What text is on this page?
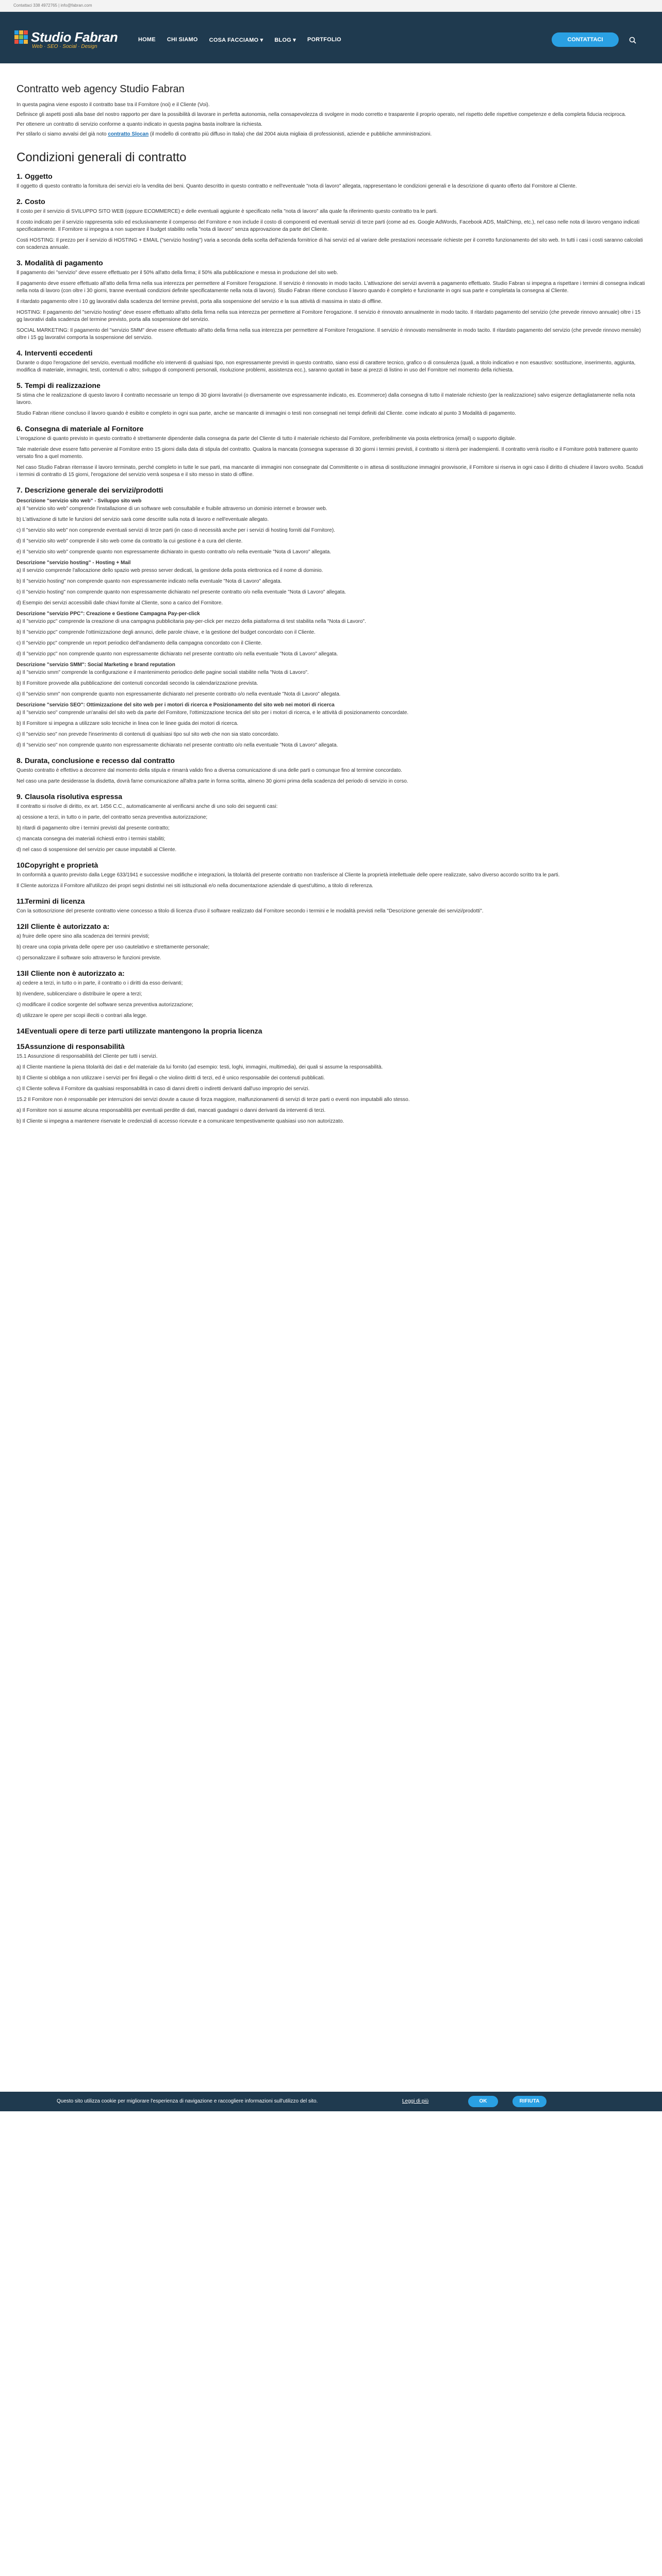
Contattaci 338 4972765 | info@fabran.com
Studio Fabran
Web · SEO · Social · Design
HOME CHI SIAMO COSA FACCIAMO ▾ BLOG ▾ PORTFOLIO	CONTATTACI
Contratto web agency Studio Fabran

In questa pagina viene esposto il contratto base tra il Fornitore (noi) e il Cliente (Voi).

Definisce gli aspetti posti alla base del nostro rapporto per dare la possibilità di lavorare in perfetta autonomia, nella consapevolezza di svolgere in modo corretto e trasparente il proprio operato, nel rispetto delle rispettive competenze e della completa fiducia reciproca.

Per ottenere un contratto di servizio conforme a quanto indicato in questa pagina basta inoltrare la richiesta.

Per stilarlo ci siamo avvalsi del già noto contratto Slocan (il modello di contratto più diffuso in Italia) che dal 2004 aiuta migliaia di professionisti, aziende e pubbliche amministrazioni.

Condizioni generali di contratto
1. Oggetto

Il oggetto di questo contratto la fornitura dei servizi e/o la vendita dei beni. Quanto descritto in questo contratto e nell'eventuale "nota di lavoro" allegata, rappresentano le condizioni generali e la descrizione di quanto offerto dal Fornitore al Cliente.

2. Costo

Il costo per il servizio di SVILUPPO SITO WEB (oppure ECOMMERCE) e delle eventuali aggiunte è specificato nella "nota di lavoro" alla quale fa riferimento questo contratto tra le parti.

Il costo indicato per il servizio rappresenta solo ed esclusivamente il compenso del Fornitore e non include il costo di componenti ed eventuali servizi di terze parti (come ad es. Google AdWords, Facebook ADS, MailChimp, etc.), nel caso nelle nota di lavoro vengano indicati specificatamente. Il Fornitore si impegna a non superare il budget stabilito nella "nota di lavoro" senza approvazione da parte del Cliente.

Costi HOSTING: Il prezzo per il servizio di HOSTING + EMAIL ("servizio hosting") varia a seconda della scelta dell'azienda fornitrice di hai servizi ed al variare delle prestazioni necessarie richieste per il corretto funzionamento del sito web. In tutti i casi i costi saranno calcolati con scadenza annuale.

3. Modalità di pagamento

Il pagamento dei "servizio" deve essere effettuato per il 50% all'atto della firma; il 50% alla pubblicazione e messa in produzione del sito web.

Il pagamento deve essere effettuato all'atto della firma nella sua interezza per permettere al Fornitore l'erogazione. Il servizio è rinnovato in modo tacito. L'attivazione dei servizi avverrà a pagamento effettuato. Studio Fabran si impegna a rispettare i termini di consegna indicati nella nota di lavoro (con oltre i 30 giorni, tranne eventuali condizioni definite specificatamente nella nota di lavoro). Studio Fabran ritiene concluso il lavoro quando è completo e funzionante in ogni sua parte e completata la consegna al Cliente.

Il ritardato pagamento oltre i 10 gg lavorativi dalla scadenza del termine previsti, porta alla sospensione del servizio e la sua attività di massima in stato di offline.

HOSTING: Il pagamento del "servizio hosting" deve essere effettuato all'atto della firma nella sua interezza per permettere al Fornitore l'erogazione. Il servizio è rinnovato annualmente in modo tacito. Il ritardato pagamento del servizio (che prevede rinnovo annuale) oltre i 15 gg lavorativi dalla scadenza del termine previsto, porta alla sospensione del servizio.

SOCIAL MARKETING: Il pagamento del "servizio SMM" deve essere effettuato all'atto della firma nella sua interezza per permettere al Fornitore l'erogazione. Il servizio è rinnovato mensilmente in modo tacito. Il ritardato pagamento del servizio (che prevede rinnovo mensile) oltre i 15 gg lavorativi comporta la sospensione del servizio.

4. Interventi eccedenti

Durante o dopo l'erogazione del servizio, eventuali modifiche e/o interventi di qualsiasi tipo, non espressamente previsti in questo contratto, siano essi di carattere tecnico, grafico o di consulenza (quali, a titolo indicativo e non esaustivo: sostituzione, inserimento, aggiunta, modifica di materiale, immagini, testi, contenuti o altro; sviluppo di componenti personali, risoluzione problemi, assistenza ecc.), saranno quotati in base ai prezzi di listino in uso del Fornitore nel momento della richiesta.

5. Tempi di realizzazione

Si stima che le realizzazione di questo lavoro il contratto necessarie un tempo di 30 giorni lavorativi (o diversamente ove espressamente indicato, es. Ecommerce) dalla consegna di tutto il materiale richiesto (per la realizzazione) salvo esigenze dettagliatamente nella nota lavoro.

Studio Fabran ritiene concluso il lavoro quando è esibito e completo in ogni sua parte, anche se mancante di immagini o testi non consegnati nei tempi definiti dal Cliente. come indicato al punto 3 Modalità di pagamento.

6. Consegna di materiale al Fornitore

L'erogazione di quanto previsto in questo contratto è strettamente dipendente dalla consegna da parte del Cliente di tutto il materiale richiesto dal Fornitore, preferibilmente via posta elettronica (email) o supporto digitale.

Tale materiale deve essere fatto pervenire al Fornitore entro 15 giorni dalla data di stipula del contratto. Qualora la mancata (consegna superasse di 30 giorni i termini previsti, il contratto si riterrà per inadempienti. Il contratto verrà risolto e il Fornitore potrà trattenere quanto versato fino a quel momento.

Nel caso Studio Fabran riterrasse il lavoro terminato, perché completo in tutte le sue parti, ma mancante di immagini non consegnate dal Committente o in attesa di sostituzione immagini provvisorie, il Fornitore si riserva in ogni caso il diritto di chiudere il lavoro svolto. Scaduti i termini di contratto di 15 giorni, l'erogazione del servizio verrà sospesa e il sito messo in stato di offline.

7. Descrizione generale dei servizi/prodotti
Descrizione "servizio sito web" - Sviluppo sito web

a) Il "servizio sito web" comprende l'installazione di un software web consultabile e fruibile attraverso un dominio internet e browser web.

b) L'attivazione di tutte le funzioni del servizio sarà come descritte sulla nota di lavoro e nell'eventuale allegato.

c) Il "servizio sito web" non comprende eventuali servizi di terze parti (in caso di necessità anche per i servizi di hosting forniti dal Fornitore).

d) Il "servizio sito web" comprende il sito web come da contratto la cui gestione è a cura del cliente.

e) Il "servizio sito web" comprende quanto non espressamente dichiarato in questo contratto o/o nella eventuale "Nota di Lavoro" allegata.

Descrizione "servizio hosting" - Hosting + Mail

a) Il servizio comprende l'allocazione dello spazio web presso server dedicati, la gestione della posta elettronica ed il nome di dominio.

b) Il "servizio hosting" non comprende quanto non espressamente indicato nella eventuale "Nota di Lavoro" allegata.

c) Il "servizio hosting" non comprende quanto non espressamente dichiarato nel presente contratto o/o nella eventuale "Nota di Lavoro" allegata.

d) Esempio dei servizi accessibili dalle chiavi fornite al Cliente, sono a carico del Fornitore.

Descrizione "servizio PPC": Creazione e Gestione Campagna Pay-per-click

a) Il "servizio ppc" comprende la creazione di una campagna pubblicitaria pay-per-click per mezzo della piattaforma di test stabilita nella "Nota di Lavoro".

b) Il "servizio ppc" comprende l'ottimizzazione degli annunci, delle parole chiave, e la gestione del budget concordato con il Cliente.

c) Il "servizio ppc" comprende un report periodico dell'andamento della campagna concordato con il Cliente.

d) Il "servizio ppc" non comprende quanto non espressamente dichiarato nel presente contratto o/o nella eventuale "Nota di Lavoro" allegata.

Descrizione "servizio SMM": Social Marketing e brand reputation

a) Il "servizio smm" comprende la configurazione e il mantenimento periodico delle pagine sociali stabilite nella "Nota di Lavoro".

b) Il Fornitore provvede alla pubblicazione dei contenuti concordati secondo la calendarizzazione prevista.

c) Il "servizio smm" non comprende quanto non espressamente dichiarato nel presente contratto o/o nella eventuale "Nota di Lavoro" allegata.

Descrizione "servizio SEO": Ottimizzazione del sito web per i motori di ricerca e Posizionamento del sito web nei motori di ricerca

a) Il "servizio seo" comprende un'analisi del sito web da parte del Fornitore, l'ottimizzazione tecnica del sito per i motori di ricerca, e le attività di posizionamento concordate.

b) Il Fornitore si impegna a utilizzare solo tecniche in linea con le linee guida dei motori di ricerca.

c) Il "servizio seo" non prevede l'inserimento di contenuti di qualsiasi tipo sul sito web che non sia stato concordato.

d) Il "servizio seo" non comprende quanto non espressamente dichiarato nel presente contratto o/o nella eventuale "Nota di Lavoro" allegata.

8. Durata, conclusione e recesso dal contratto

Questo contratto è effettivo a decorrere dal momento della stipula e rimarrà valido fino a diversa comunicazione di una delle parti o comunque fino al termine concordato.

Nel caso una parte desiderasse la disdetta, dovrà farne comunicazione all'altra parte in forma scritta, almeno 30 giorni prima della scadenza del periodo di servizio in corso.

9. Clausola risolutiva espressa

Il contratto si risolve di diritto, ex art. 1456 C.C., automaticamente al verificarsi anche di uno solo dei seguenti casi:

a) cessione a terzi, in tutto o in parte, del contratto senza preventiva autorizzazione;

b) ritardi di pagamento oltre i termini previsti dal presente contratto;

c) mancata consegna dei materiali richiesti entro i termini stabiliti;

d) nel caso di sospensione del servizio per cause imputabili al Cliente.

10.Copyright e proprietà

In conformità a quanto previsto dalla Legge 633/1941 e successive modifiche e integrazioni, la titolarità del presente contratto non trasferisce al Cliente la proprietà intellettuale delle opere realizzate, salvo diverso accordo scritto tra le parti.

Il Cliente autorizza il Fornitore all'utilizzo dei propri segni distintivi nei siti istituzionali e/o nella documentazione aziendale di quest'ultimo, a titolo di referenza.

11.Termini di licenza

Con la sottoscrizione del presente contratto viene concesso a titolo di licenza d'uso il software realizzato dal Fornitore secondo i termini e le modalità previsti nella "Descrizione generale dei servizi/prodotti".

12.Il Cliente è autorizzato a:

a) fruire delle opere sino alla scadenza dei termini previsti;

b) creare una copia privata delle opere per uso cautelativo e strettamente personale;

c) personalizzare il software solo attraverso le funzioni previste.

13.Il Cliente non è autorizzato a:

a) cedere a terzi, in tutto o in parte, il contratto o i diritti da esso derivanti;

b) rivendere, sublicenziare o distribuire le opere a terzi;

c) modificare il codice sorgente del software senza preventiva autorizzazione;

d) utilizzare le opere per scopi illeciti o contrari alla legge.

14.Eventuali opere di terze parti utilizzate mantengono la propria licenza
15.Assunzione di responsabilità

15.1 Assunzione di responsabilità del Cliente per tutti i servizi.

a) Il Cliente mantiene la piena titolarità dei dati e del materiale da lui fornito (ad esempio: testi, loghi, immagini, multimedia), dei quali si assume la responsabilità.

b) Il Cliente si obbliga a non utilizzare i servizi per fini illegali o che violino diritti di terzi, ed è unico responsabile dei contenuti pubblicati.

c) Il Cliente solleva il Fornitore da qualsiasi responsabilità in caso di danni diretti o indiretti derivanti dall'uso improprio dei servizi.

15.2 Il Fornitore non è responsabile per interruzioni dei servizi dovute a cause di forza maggiore, malfunzionamenti di servizi di terze parti o eventi non imputabili allo stesso.

a) Il Fornitore non si assume alcuna responsabilità per eventuali perdite di dati, mancati guadagni o danni derivanti da interventi di terzi.

b) Il Cliente si impegna a mantenere riservate le credenziali di accesso ricevute e a comunicare tempestivamente qualsiasi uso non autorizzato.

Questo sito utilizza cookie per migliorare l'esperienza di navigazione e raccogliere informazioni sull'utilizzo del sito.	Leggi di più	OK	RIFIUTA
